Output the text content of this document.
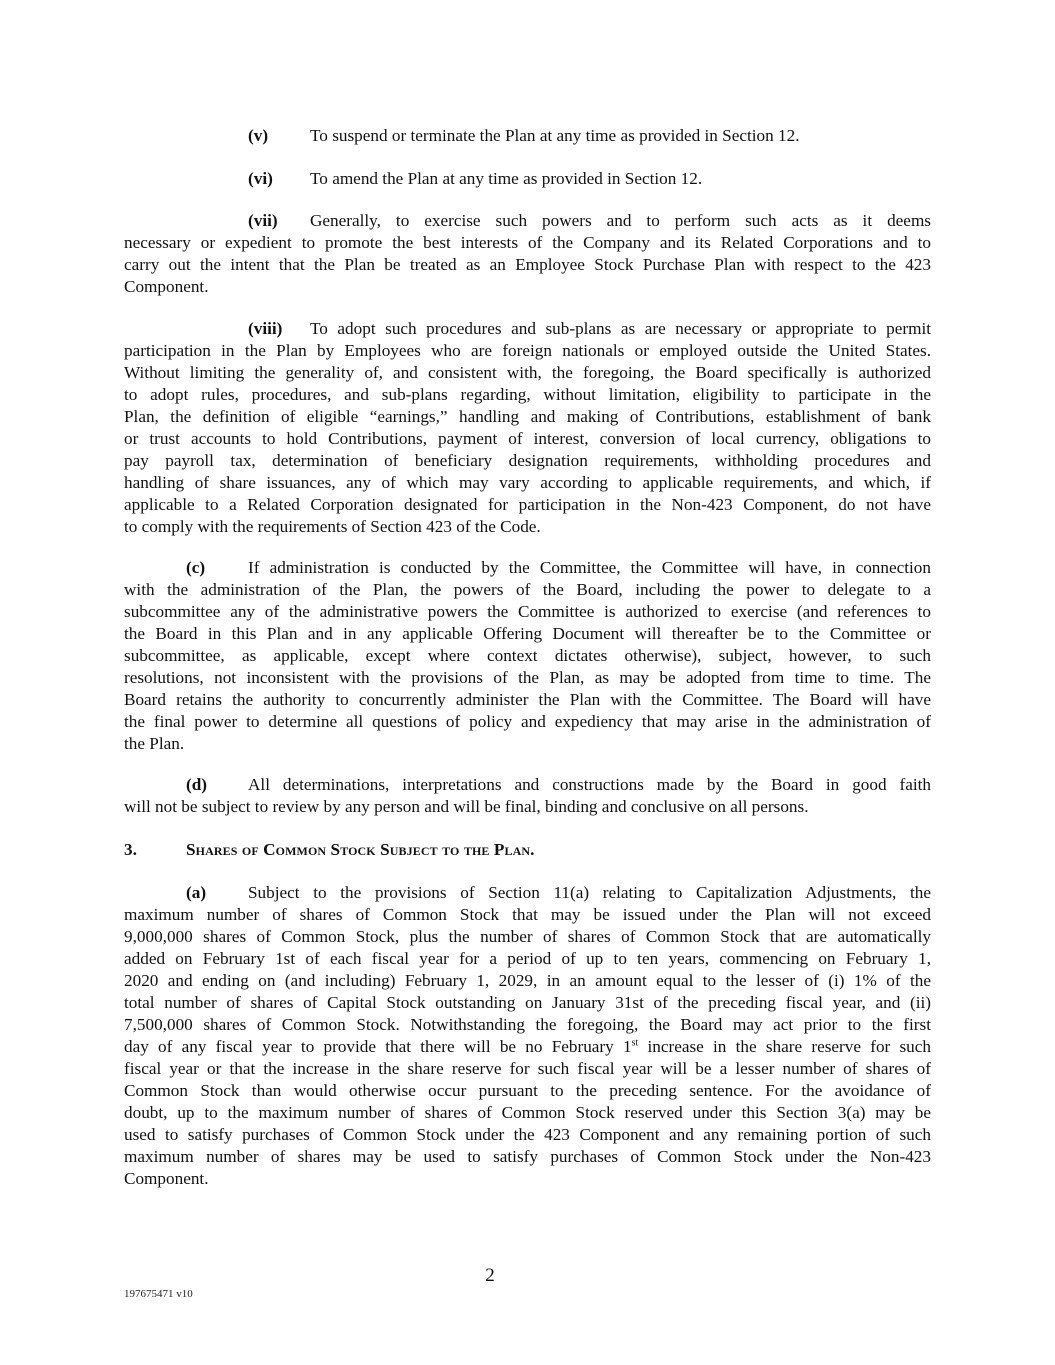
(v) To suspend or terminate the Plan at any time as provided in Section 12.
(vi) To amend the Plan at any time as provided in Section 12.
(vii) Generally, to exercise such powers and to perform such acts as it deems
necessary or expedient to promote the best interests of the Company and its Related Corporations and to
carry out the intent that the Plan be treated as an Employee Stock Purchase Plan with respect to the 423
Component.
(viii) To adopt such procedures and sub-plans as are necessary or appropriate to permit
participation in the Plan by Employees who are foreign nationals or employed outside the United States.
Without limiting the generality of, and consistent with, the foregoing, the Board specifically is authorized
to adopt rules, procedures, and sub-plans regarding, without limitation, eligibility to participate in the
Plan, the definition of eligible “earnings,” handling and making of Contributions, establishment of bank
or trust accounts to hold Contributions, payment of interest, conversion of local currency, obligations to
pay payroll tax, determination of beneficiary designation requirements, withholding procedures and
handling of share issuances, any of which may vary according to applicable requirements, and which, if
applicable to a Related Corporation designated for participation in the Non-423 Component, do not have
to comply with the requirements of Section 423 of the Code.
(c) If administration is conducted by the Committee, the Committee will have, in connection
with the administration of the Plan, the powers of the Board, including the power to delegate to a
subcommittee any of the administrative powers the Committee is authorized to exercise (and references to
the Board in this Plan and in any applicable Offering Document will thereafter be to the Committee or
subcommittee, as applicable, except where context dictates otherwise), subject, however, to such
resolutions, not inconsistent with the provisions of the Plan, as may be adopted from time to time. The
Board retains the authority to concurrently administer the Plan with the Committee. The Board will have
the final power to determine all questions of policy and expediency that may arise in the administration of
the Plan.
(d) All determinations, interpretations and constructions made by the Board in good faith
will not be subject to review by any person and will be final, binding and conclusive on all persons.
3.	Shares of Common Stock Subject to the Plan.
(a) Subject to the provisions of Section 11(a) relating to Capitalization Adjustments, the
maximum number of shares of Common Stock that may be issued under the Plan will not exceed
9,000,000 shares of Common Stock, plus the number of shares of Common Stock that are automatically
added on February 1st of each fiscal year for a period of up to ten years, commencing on February 1,
2020 and ending on (and including) February 1, 2029, in an amount equal to the lesser of (i) 1% of the
total number of shares of Capital Stock outstanding on January 31st of the preceding fiscal year, and (ii)
7,500,000 shares of Common Stock. Notwithstanding the foregoing, the Board may act prior to the first
day of any fiscal year to provide that there will be no February 1st increase in the share reserve for such
fiscal year or that the increase in the share reserve for such fiscal year will be a lesser number of shares of
Common Stock than would otherwise occur pursuant to the preceding sentence. For the avoidance of
doubt, up to the maximum number of shares of Common Stock reserved under this Section 3(a) may be
used to satisfy purchases of Common Stock under the 423 Component and any remaining portion of such
maximum number of shares may be used to satisfy purchases of Common Stock under the Non-423
Component.
2
197675471 v10
